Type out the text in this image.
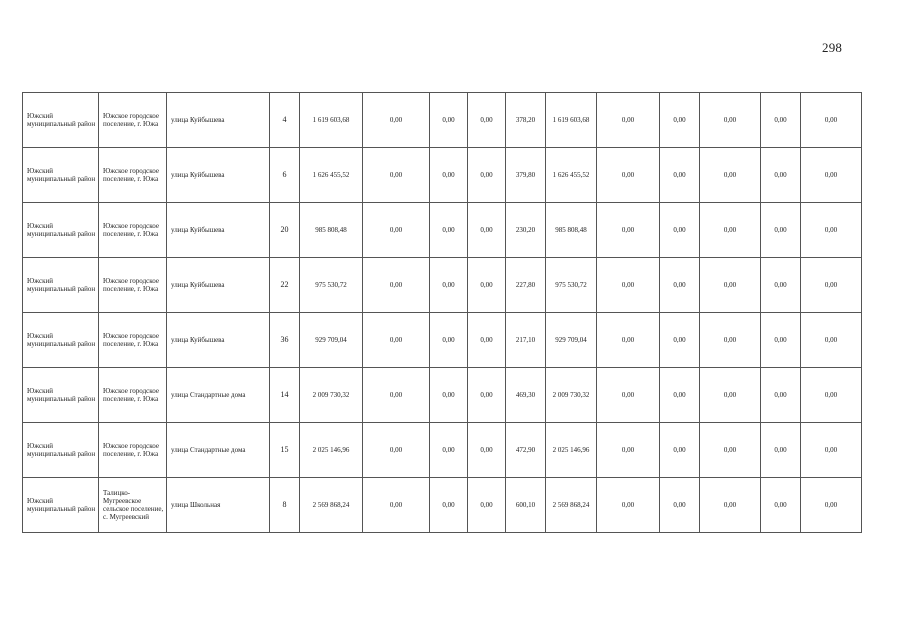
298
Южский муниципальный район	Южское городское поселение, г. Южа	улица Куйбышева	4	1 619 603,68	0,00	0,00	0,00	378,20	1 619 603,68	0,00	0,00	0,00	0,00	0,00
Южский муниципальный район	Южское городское поселение, г. Южа	улица Куйбышева	6	1 626 455,52	0,00	0,00	0,00	379,80	1 626 455,52	0,00	0,00	0,00	0,00	0,00
Южский муниципальный район	Южское городское поселение, г. Южа	улица Куйбышева	20	985 808,48	0,00	0,00	0,00	230,20	985 808,48	0,00	0,00	0,00	0,00	0,00
Южский муниципальный район	Южское городское поселение, г. Южа	улица Куйбышева	22	975 530,72	0,00	0,00	0,00	227,80	975 530,72	0,00	0,00	0,00	0,00	0,00
Южский муниципальный район	Южское городское поселение, г. Южа	улица Куйбышева	36	929 709,04	0,00	0,00	0,00	217,10	929 709,04	0,00	0,00	0,00	0,00	0,00
Южский муниципальный район	Южское городское поселение, г. Южа	улица Стандартные дома	14	2 009 730,32	0,00	0,00	0,00	469,30	2 009 730,32	0,00	0,00	0,00	0,00	0,00
Южский муниципальный район	Южское городское поселение, г. Южа	улица Стандартные дома	15	2 025 146,96	0,00	0,00	0,00	472,90	2 025 146,96	0,00	0,00	0,00	0,00	0,00
Южский муниципальный район	Талицко-Мугреевское сельское поселение, с. Мугреевский	улица Школьная	8	2 569 868,24	0,00	0,00	0,00	600,10	2 569 868,24	0,00	0,00	0,00	0,00	0,00
